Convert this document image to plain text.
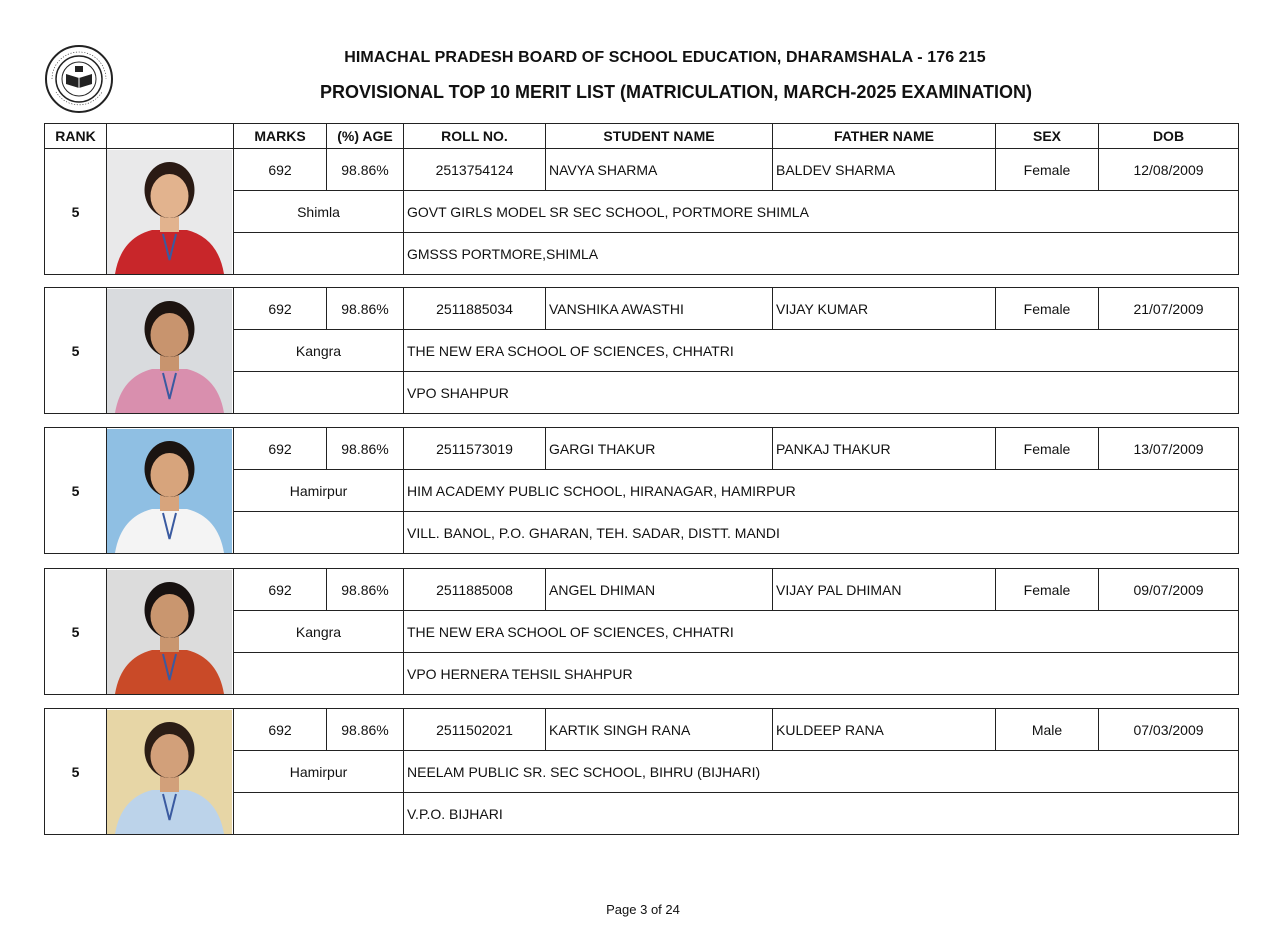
HIMACHAL PRADESH BOARD OF SCHOOL EDUCATION, DHARAMSHALA - 176 215
PROVISIONAL TOP 10 MERIT LIST (MATRICULATION, MARCH-2025 EXAMINATION)
RANK		MARKS	(%) AGE	ROLL NO.	STUDENT NAME	FATHER NAME	SEX	DOB
5		692	98.86%	2513754124	NAVYA SHARMA	BALDEV SHARMA	Female	12/08/2009
		Shimla		GOVT GIRLS MODEL SR SEC SCHOOL, PORTMORE SHIMLA				
				GMSSS PORTMORE,SHIMLA				
5		692	98.86%	2511885034	VANSHIKA AWASTHI	VIJAY KUMAR	Female	21/07/2009
		Kangra		THE NEW ERA SCHOOL OF SCIENCES, CHHATRI				
				VPO SHAHPUR				
5		692	98.86%	2511573019	GARGI THAKUR	PANKAJ THAKUR	Female	13/07/2009
		Hamirpur		HIM ACADEMY PUBLIC SCHOOL, HIRANAGAR, HAMIRPUR				
				VILL. BANOL, P.O. GHARAN, TEH. SADAR, DISTT. MANDI				
5		692	98.86%	2511885008	ANGEL DHIMAN	VIJAY PAL DHIMAN	Female	09/07/2009
		Kangra		THE NEW ERA SCHOOL OF SCIENCES, CHHATRI				
				VPO HERNERA TEHSIL SHAHPUR				
5		692	98.86%	2511502021	KARTIK SINGH RANA	KULDEEP RANA	Male	07/03/2009
		Hamirpur		NEELAM PUBLIC SR. SEC SCHOOL, BIHRU (BIJHARI)				
				V.P.O. BIJHARI				
Page 3 of 24
